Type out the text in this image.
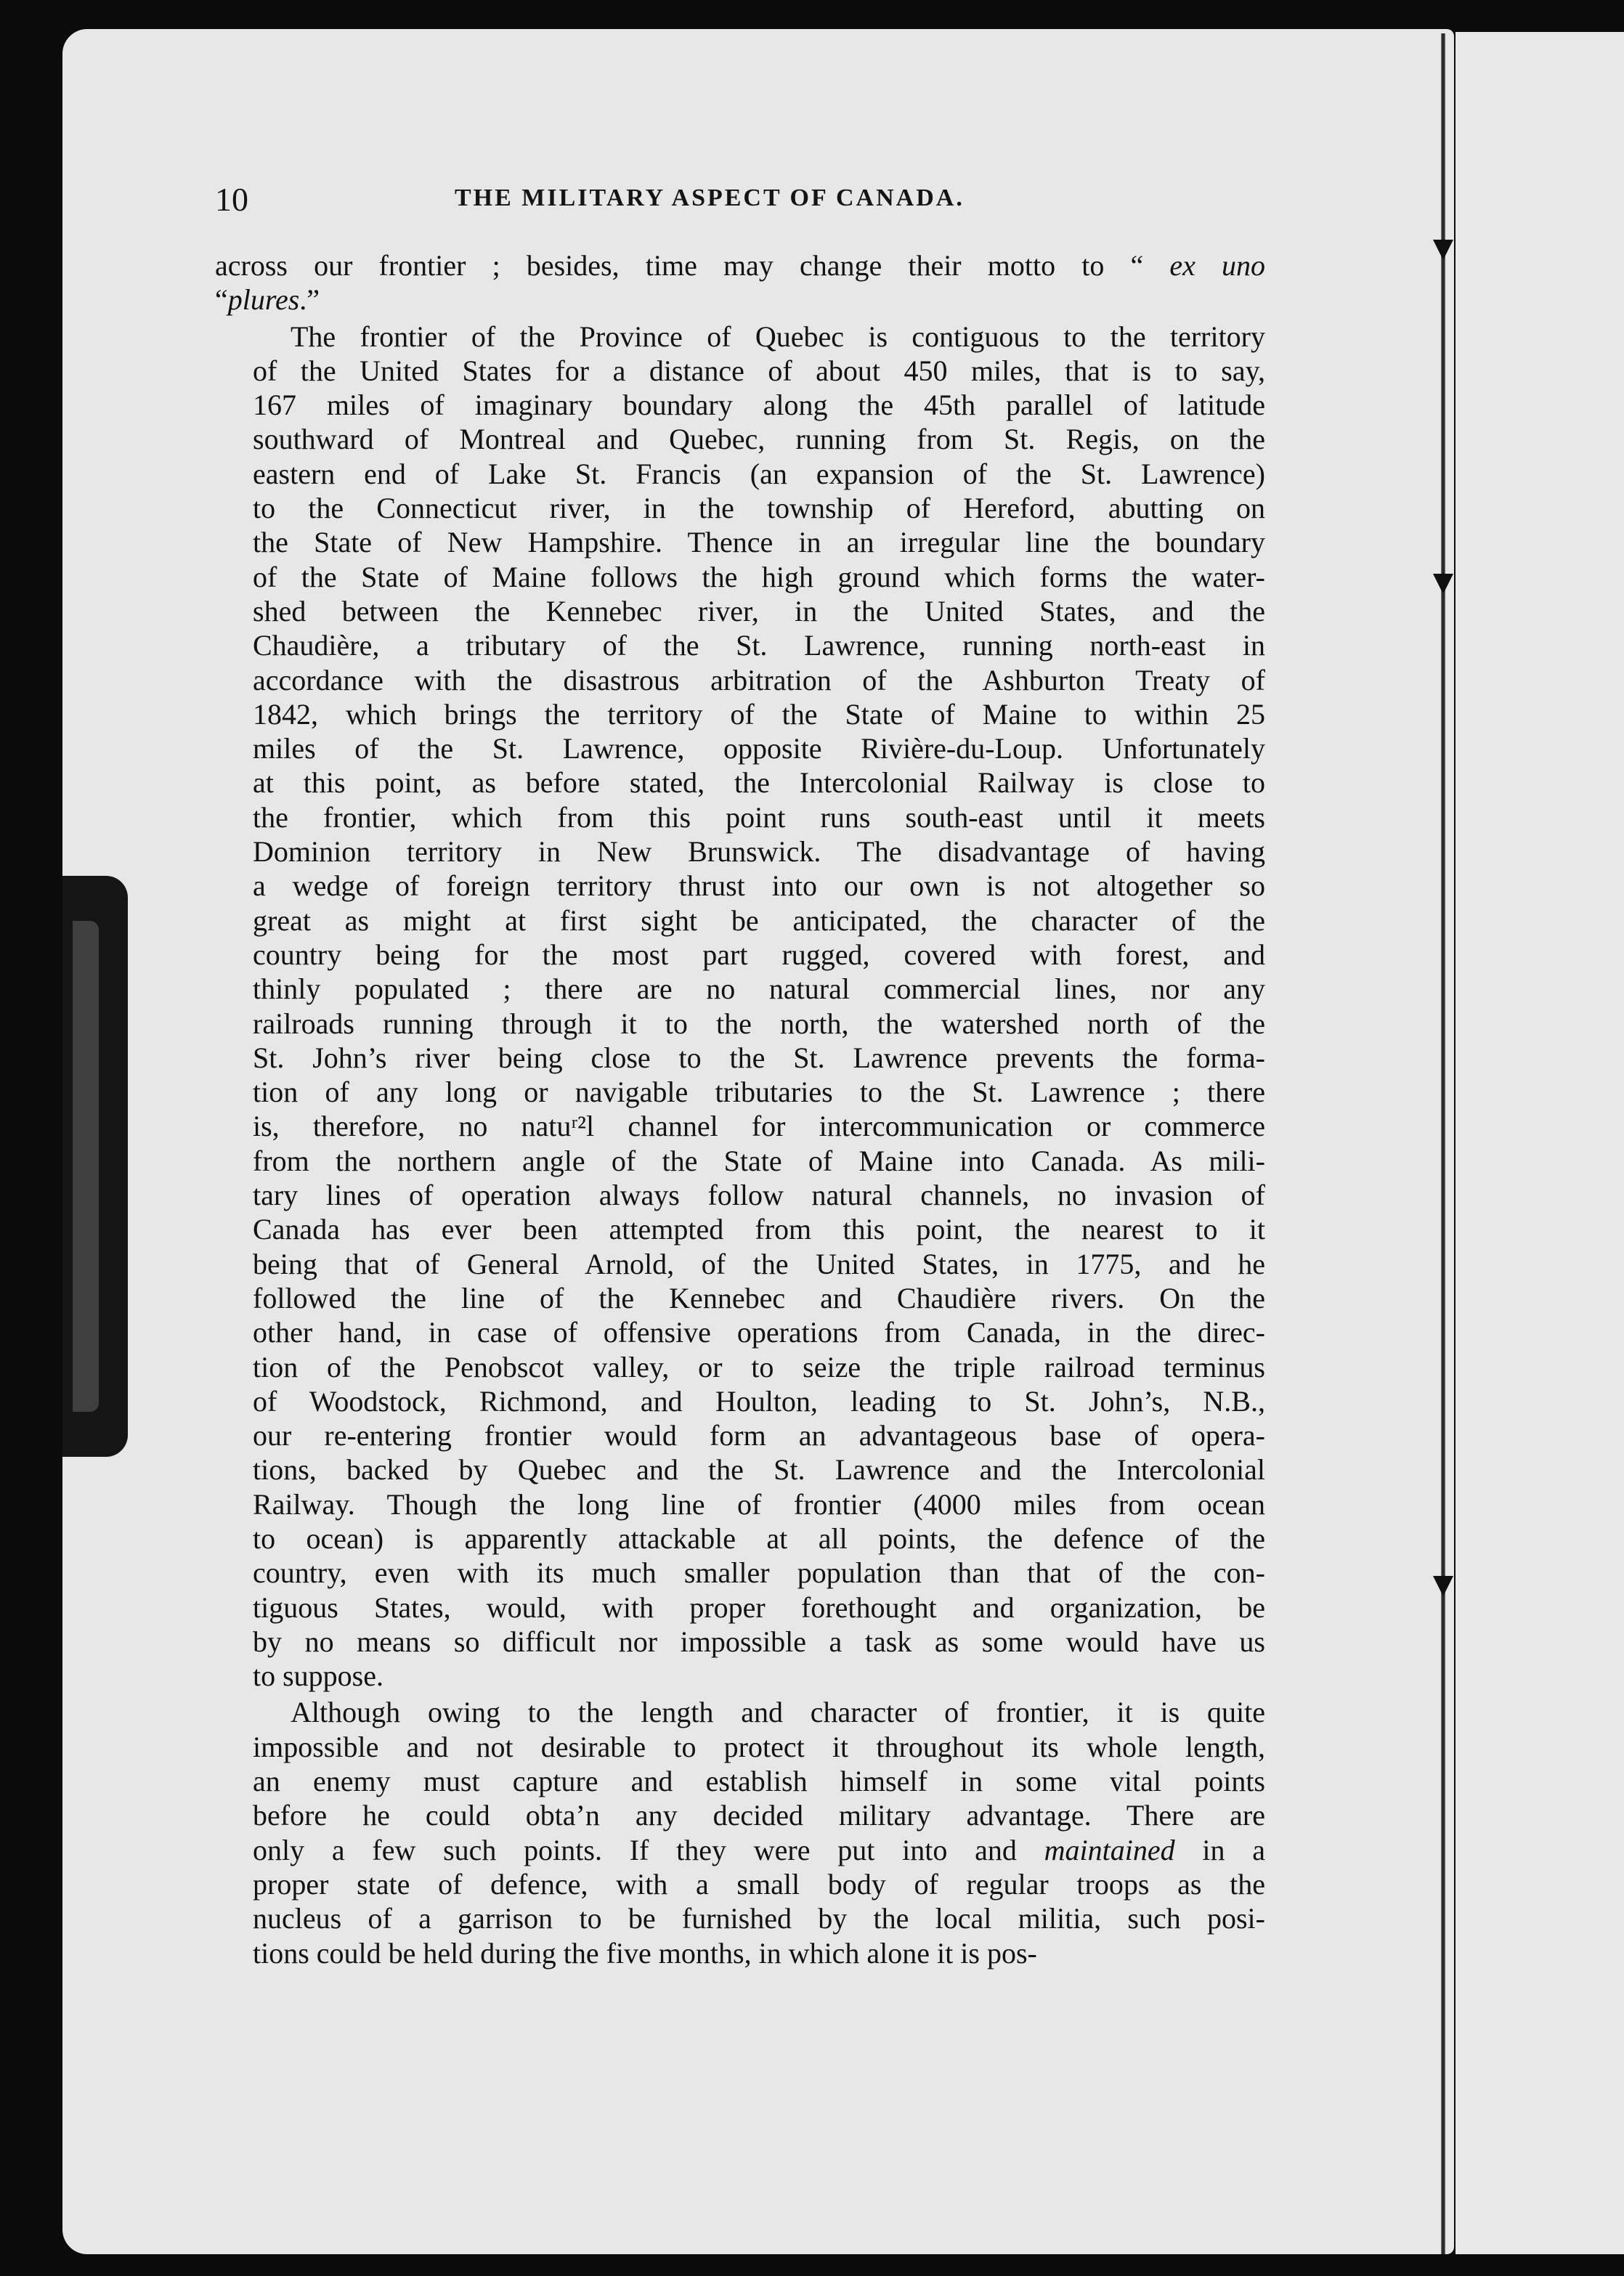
10	THE MILITARY ASPECT OF CANADA.

across our frontier ; besides, time may change their motto to “ ex uno
“plures.”

The frontier of the Province of Quebec is contiguous to the territory
of the United States for a distance of about 450 miles, that is to say,
167 miles of imaginary boundary along the 45th parallel of latitude
southward of Montreal and Quebec, running from St. Regis, on the
eastern end of Lake St. Francis (an expansion of the St. Lawrence)
to the Connecticut river, in the township of Hereford, abutting on
the State of New Hampshire. Thence in an irregular line the boundary
of the State of Maine follows the high ground which forms the water-
shed between the Kennebec river, in the United States, and the
Chaudière, a tributary of the St. Lawrence, running north-east in
accordance with the disastrous arbitration of the Ashburton Treaty of
1842, which brings the territory of the State of Maine to within 25
miles of the St. Lawrence, opposite Rivière-du-Loup. Unfortunately
at this point, as before stated, the Intercolonial Railway is close to
the frontier, which from this point runs south-east until it meets
Dominion territory in New Brunswick. The disadvantage of having
a wedge of foreign territory thrust into our own is not altogether so
great as might at first sight be anticipated, the character of the
country being for the most part rugged, covered with forest, and
thinly populated ; there are no natural commercial lines, nor any
railroads running through it to the north, the watershed north of the
St. John’s river being close to the St. Lawrence prevents the forma-
tion of any long or navigable tributaries to the St. Lawrence ; there
is, therefore, no natuʳ²l channel for intercommunication or commerce
from the northern angle of the State of Maine into Canada. As mili-
tary lines of operation always follow natural channels, no invasion of
Canada has ever been attempted from this point, the nearest to it
being that of General Arnold, of the United States, in 1775, and he
followed the line of the Kennebec and Chaudière rivers. On the
other hand, in case of offensive operations from Canada, in the direc-
tion of the Penobscot valley, or to seize the triple railroad terminus
of Woodstock, Richmond, and Houlton, leading to St. John’s, N.B.,
our re-entering frontier would form an advantageous base of opera-
tions, backed by Quebec and the St. Lawrence and the Intercolonial
Railway. Though the long line of frontier (4000 miles from ocean
to ocean) is apparently attackable at all points, the defence of the
country, even with its much smaller population than that of the con-
tiguous States, would, with proper forethought and organization, be
by no means so difficult nor impossible a task as some would have us
to suppose.

Although owing to the length and character of frontier, it is quite
impossible and not desirable to protect it throughout its whole length,
an enemy must capture and establish himself in some vital points
before he could obta’n any decided military advantage. There are
only a few such points. If they were put into and maintained in a
proper state of defence, with a small body of regular troops as the
nucleus of a garrison to be furnished by the local militia, such posi-
tions could be held during the five months, in which alone it is pos-
